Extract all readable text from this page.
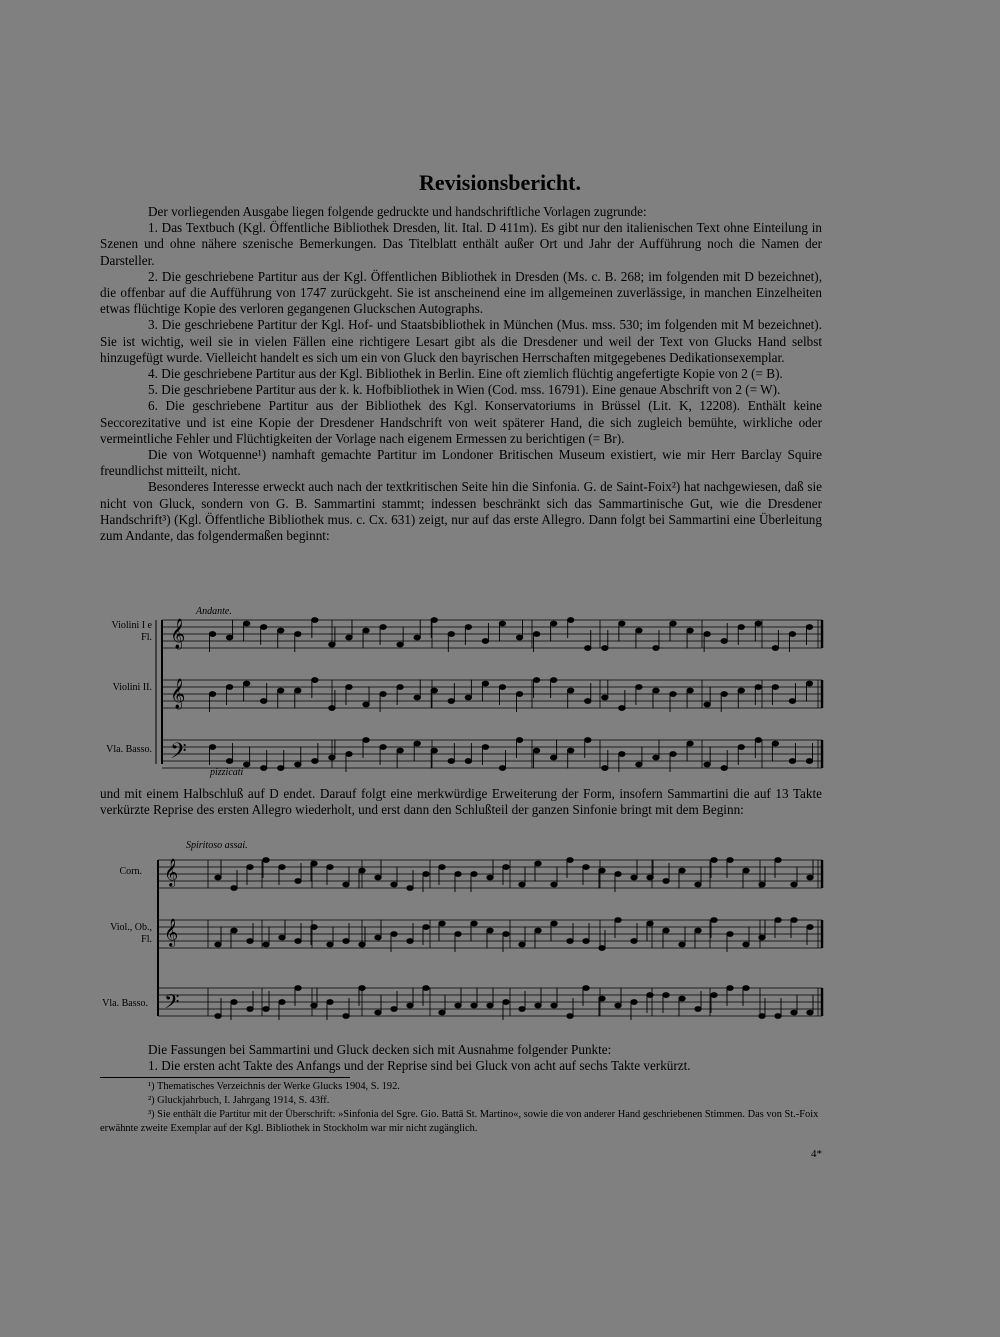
Revisionsbericht.

Der vorliegenden Ausgabe liegen folgende gedruckte und handschriftliche Vorlagen zugrunde:

1. Das Textbuch (Kgl. Öffentliche Bibliothek Dresden, lit. Ital. D 411m). Es gibt nur den italienischen Text ohne Einteilung in Szenen und ohne nähere szenische Bemerkungen. Das Titelblatt enthält außer Ort und Jahr der Aufführung noch die Namen der Darsteller.

2. Die geschriebene Partitur aus der Kgl. Öffentlichen Bibliothek in Dresden (Ms. c. B. 268; im folgenden mit D bezeichnet), die offenbar auf die Aufführung von 1747 zurückgeht. Sie ist anscheinend eine im allgemeinen zuverlässige, in manchen Einzelheiten etwas flüchtige Kopie des verloren gegangenen Gluckschen Autographs.

3. Die geschriebene Partitur der Kgl. Hof- und Staatsbibliothek in München (Mus. mss. 530; im folgenden mit M bezeichnet). Sie ist wichtig, weil sie in vielen Fällen eine richtigere Lesart gibt als die Dresdener und weil der Text von Glucks Hand selbst hinzugefügt wurde. Vielleicht handelt es sich um ein von Gluck den bayrischen Herrschaften mitgegebenes Dedikationsexemplar.

4. Die geschriebene Partitur aus der Kgl. Bibliothek in Berlin. Eine oft ziemlich flüchtig angefertigte Kopie von 2 (= B).

5. Die geschriebene Partitur aus der k. k. Hofbibliothek in Wien (Cod. mss. 16791). Eine genaue Abschrift von 2 (= W).

6. Die geschriebene Partitur aus der Bibliothek des Kgl. Konservatoriums in Brüssel (Lit. K, 12208). Enthält keine Seccorezitative und ist eine Kopie der Dresdener Handschrift von weit späterer Hand, die sich zugleich bemühte, wirkliche oder vermeintliche Fehler und Flüchtigkeiten der Vorlage nach eigenem Ermessen zu berichtigen (= Br).

Die von Wotquenne¹) namhaft gemachte Partitur im Londoner Britischen Museum existiert, wie mir Herr Barclay Squire freundlichst mitteilt, nicht.

Besonderes Interesse erweckt auch nach der textkritischen Seite hin die Sinfonia. G. de Saint-Foix²) hat nachgewiesen, daß sie nicht von Gluck, sondern von G. B. Sammartini stammt; indessen beschränkt sich das Sammartinische Gut, wie die Dresdener Handschrift³) (Kgl. Öffentliche Bibliothek mus. c. Cx. 631) zeigt, nur auf das erste Allegro. Dann folgt bei Sammartini eine Überleitung zum Andante, das folgendermaßen beginnt:

Andante.
Violini I e Fl.
Violini II.
Vla. Basso.
pizzicati
𝄞
𝄞
𝄢

und mit einem Halbschluß auf D endet. Darauf folgt eine merkwürdige Erweiterung der Form, insofern Sammartini die auf 13 Takte verkürzte Reprise des ersten Allegro wiederholt, und erst dann den Schlußteil der ganzen Sinfonie bringt mit dem Beginn:

Spiritoso assai.
Corn.
Viol., Ob., Fl.
Vla. Basso.
𝄞
𝄞
𝄢

Die Fassungen bei Sammartini und Gluck decken sich mit Ausnahme folgender Punkte:

1. Die ersten acht Takte des Anfangs und der Reprise sind bei Gluck von acht auf sechs Takte verkürzt.

¹) Thematisches Verzeichnis der Werke Glucks 1904, S. 192.

²) Gluckjahrbuch, I. Jahrgang 1914, S. 43ff.

³) Sie enthält die Partitur mit der Überschrift: »Sinfonia del Sgre. Gio. Battā St. Martino«, sowie die von anderer Hand geschriebenen Stimmen. Das von St.-Foix erwähnte zweite Exemplar auf der Kgl. Bibliothek in Stockholm war mir nicht zugänglich.

4*
